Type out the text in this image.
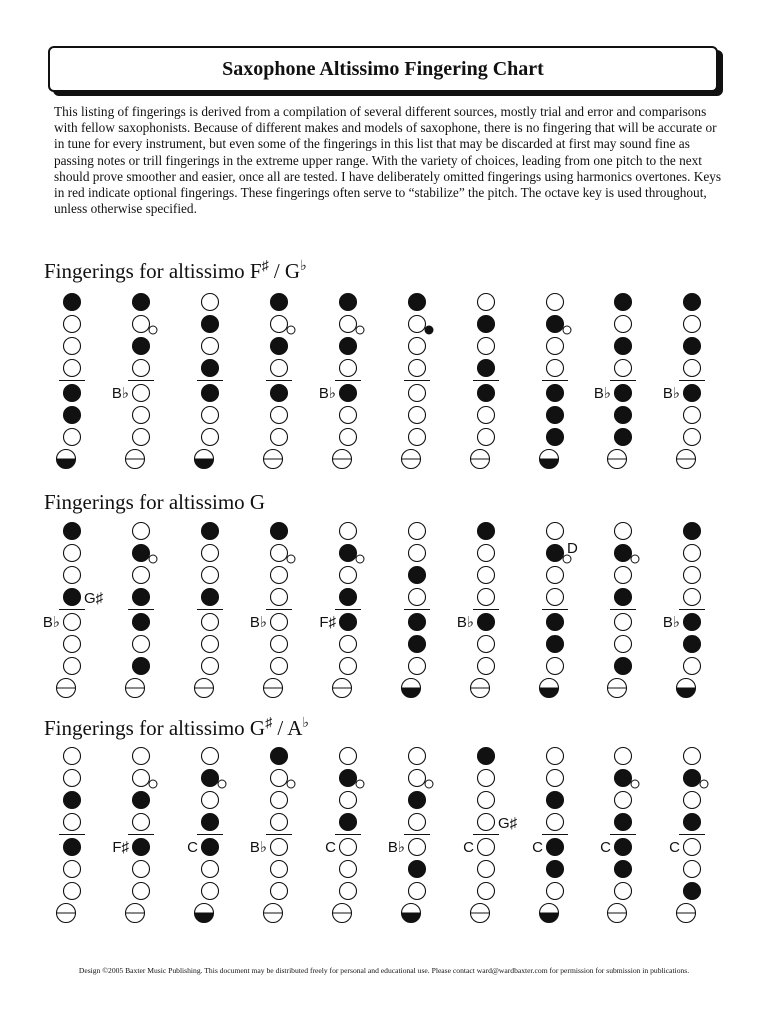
Saxophone Altissimo Fingering Chart

This listing of fingerings is derived from a compilation of several different sources, mostly trial and error and comparisons with fellow saxophonists. Because of different makes and models of saxophone, there is no fingering that will be accurate or in tune for every instrument, but even some of the fingerings in this list that may be discarded at first may sound fine as passing notes or trill fingerings in the extreme upper range. With the variety of choices, leading from one pitch to the next should prove smoother and easier, once all are tested. I have deliberately omitted fingerings using harmonics overtones. Keys in red indicate optional fingerings. These fingerings often serve to “stabilize” the pitch. The octave key is used throughout, unless otherwise specified.

Fingerings for altissimo F♯ / G♭
B♭	B♭	B♭	B♭
Fingerings for altissimo G
B♭
G♯
B♭	F♯	B♭
D
B♭
Fingerings for altissimo G♯ / A♭
F♯	C	B♭	C	B♭	C
G♯
C	C	C

Design ©2005 Baxter Music Publishing. This document may be distributed freely for personal and educational use. Please contact ward@wardbaxter.com for permission for submission in publications.
